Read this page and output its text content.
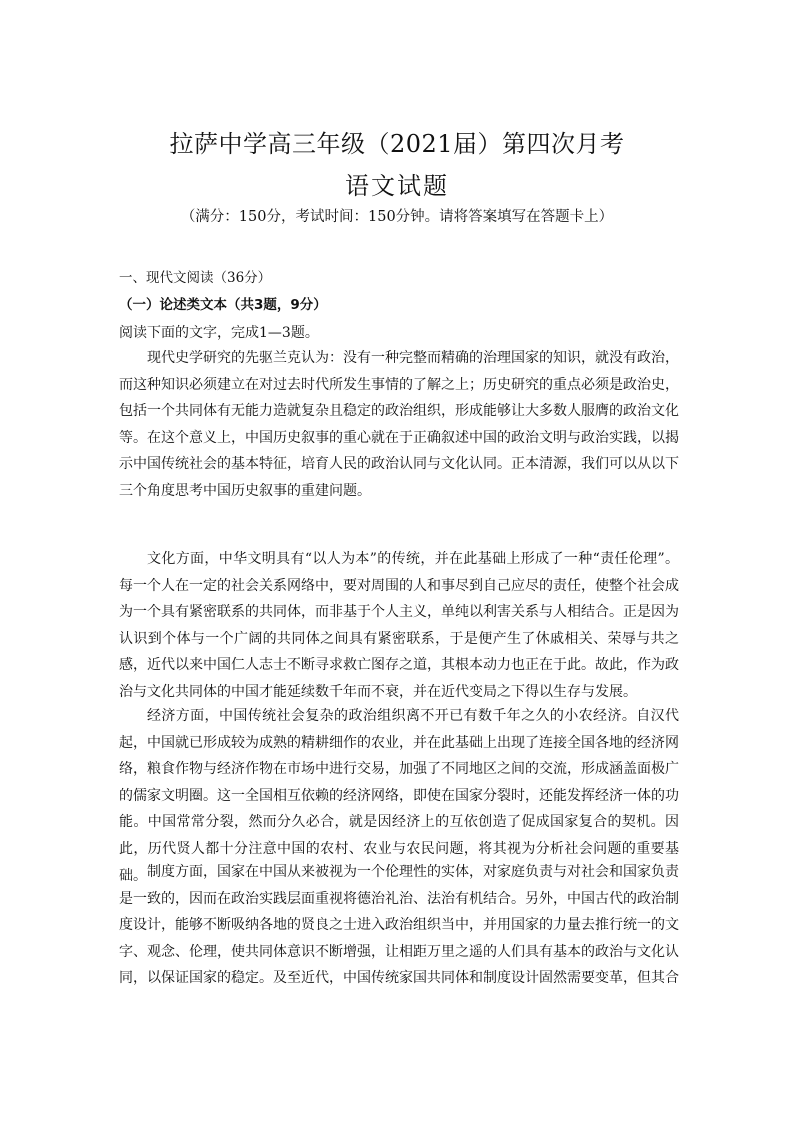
拉萨中学高三年级（2021届）第四次月考
语文试题

（满分：150分，考试时间：150分钟。请将答案填写在答题卡上）

一、现代文阅读（36分）

（一）论述类文本（共3题，9分）

阅读下面的文字，完成1—3题。

现代史学研究的先驱兰克认为：没有一种完整而精确的治理国家的知识，就没有政治，而这种知识必须建立在对过去时代所发生事情的了解之上；历史研究的重点必须是政治史，包括一个共同体有无能力造就复杂且稳定的政治组织，形成能够让大多数人服膺的政治文化等。在这个意义上，中国历史叙事的重心就在于正确叙述中国的政治文明与政治实践，以揭示中国传统社会的基本特征，培育人民的政治认同与文化认同。正本清源，我们可以从以下三个角度思考中国历史叙事的重建问题。

文化方面，中华文明具有“以人为本”的传统，并在此基础上形成了一种“责任伦理”。每一个人在一定的社会关系网络中，要对周围的人和事尽到自己应尽的责任，使整个社会成为一个具有紧密联系的共同体，而非基于个人主义，单纯以利害关系与人相结合。正是因为认识到个体与一个广阔的共同体之间具有紧密联系，于是便产生了休戚相关、荣辱与共之感，近代以来中国仁人志士不断寻求救亡图存之道，其根本动力也正在于此。故此，作为政治与文化共同体的中国才能延续数千年而不衰，并在近代变局之下得以生存与发展。

经济方面，中国传统社会复杂的政治组织离不开已有数千年之久的小农经济。自汉代起，中国就已形成较为成熟的精耕细作的农业，并在此基础上出现了连接全国各地的经济网络，粮食作物与经济作物在市场中进行交易，加强了不同地区之间的交流，形成涵盖面极广的儒家文明圈。这一全国相互依赖的经济网络，即使在国家分裂时，还能发挥经济一体的功能。中国常常分裂，然而分久必合，就是因经济上的互依创造了促成国家复合的契机。因此，历代贤人都十分注意中国的农村、农业与农民问题，将其视为分析社会问题的重要基础。 制度方面，国家在中国从来被视为一个伦理性的实体，对家庭负责与对社会和国家负责是一致的，因而在政治实践层面重视将德治礼治、法治有机结合。另外，中国古代的政治制度设计，能够不断吸纳各地的贤良之士进入政治组织当中，并用国家的力量去推行统一的文字、观念、伦理，使共同体意识不断增强，让相距万里之遥的人们具有基本的政治与文化认同，以保证国家的稳定。及至近代，中国传统家国共同体和制度设计固然需要变革，但其合
